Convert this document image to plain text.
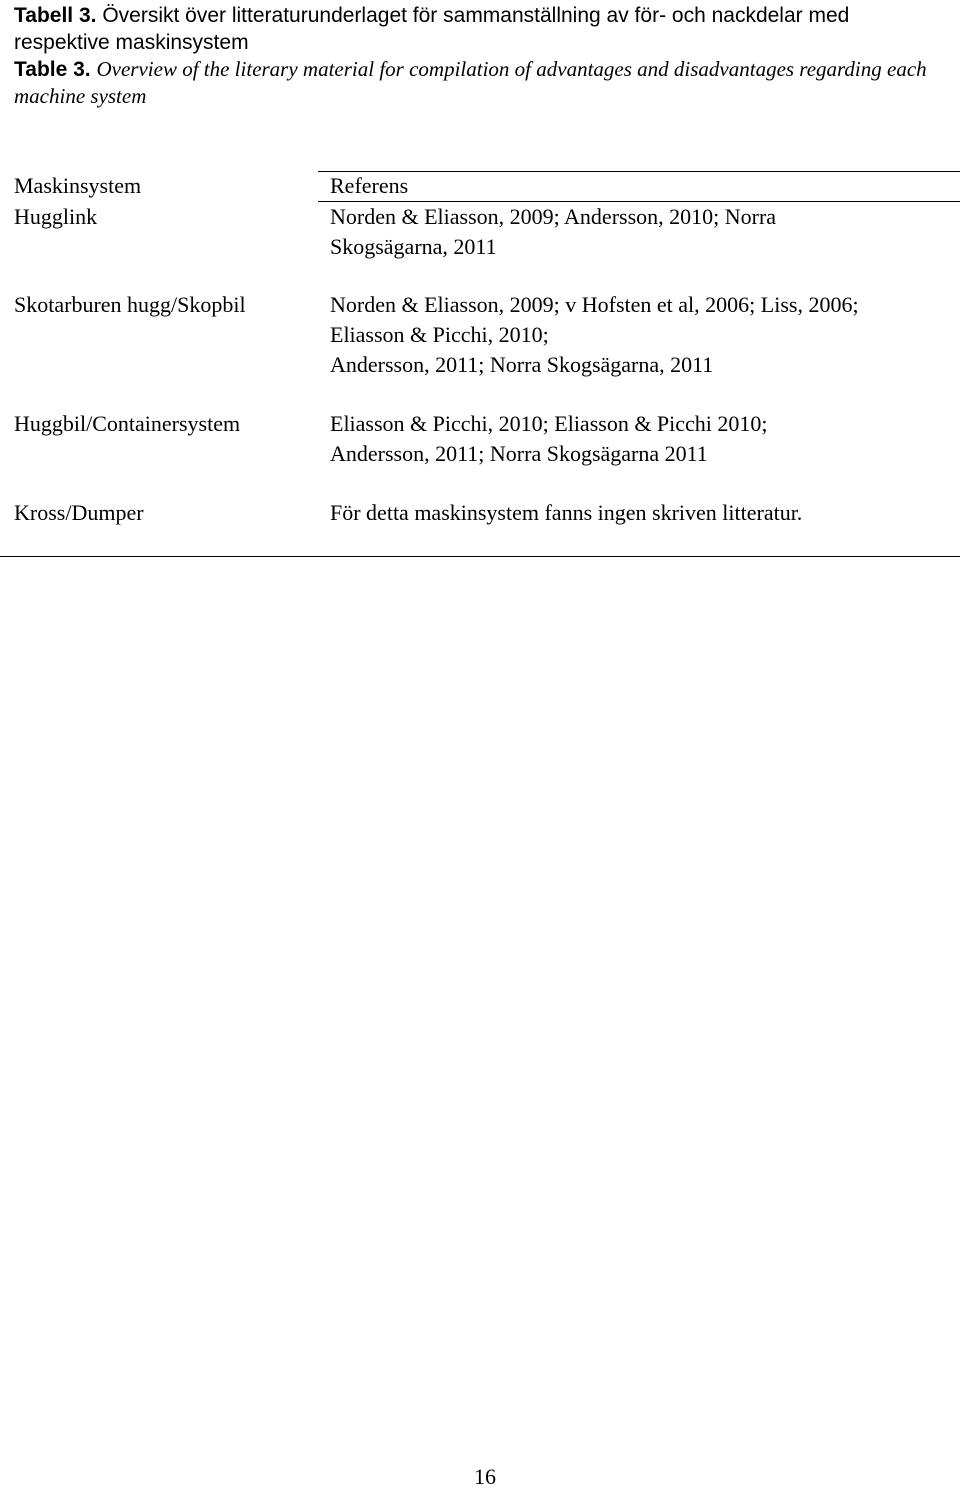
Tabell 3. Översikt över litteraturunderlaget för sammanställning av för- och nackdelar med respektive maskinsystem
Table 3. Overview of the literary material for compilation of advantages and disadvantages regarding each machine system
Maskinsystem	Referens
Hugglink	Norden & Eliasson, 2009; Andersson, 2010; Norra
Skogsägarna, 2011
Skotarburen hugg/Skopbil	Norden & Eliasson, 2009; v Hofsten et al, 2006; Liss, 2006;
Eliasson & Picchi, 2010;
Andersson, 2011; Norra Skogsägarna, 2011
Huggbil/Containersystem	Eliasson & Picchi, 2010; Eliasson & Picchi 2010;
Andersson, 2011; Norra Skogsägarna 2011
Kross/Dumper	För detta maskinsystem fanns ingen skriven litteratur.
16
